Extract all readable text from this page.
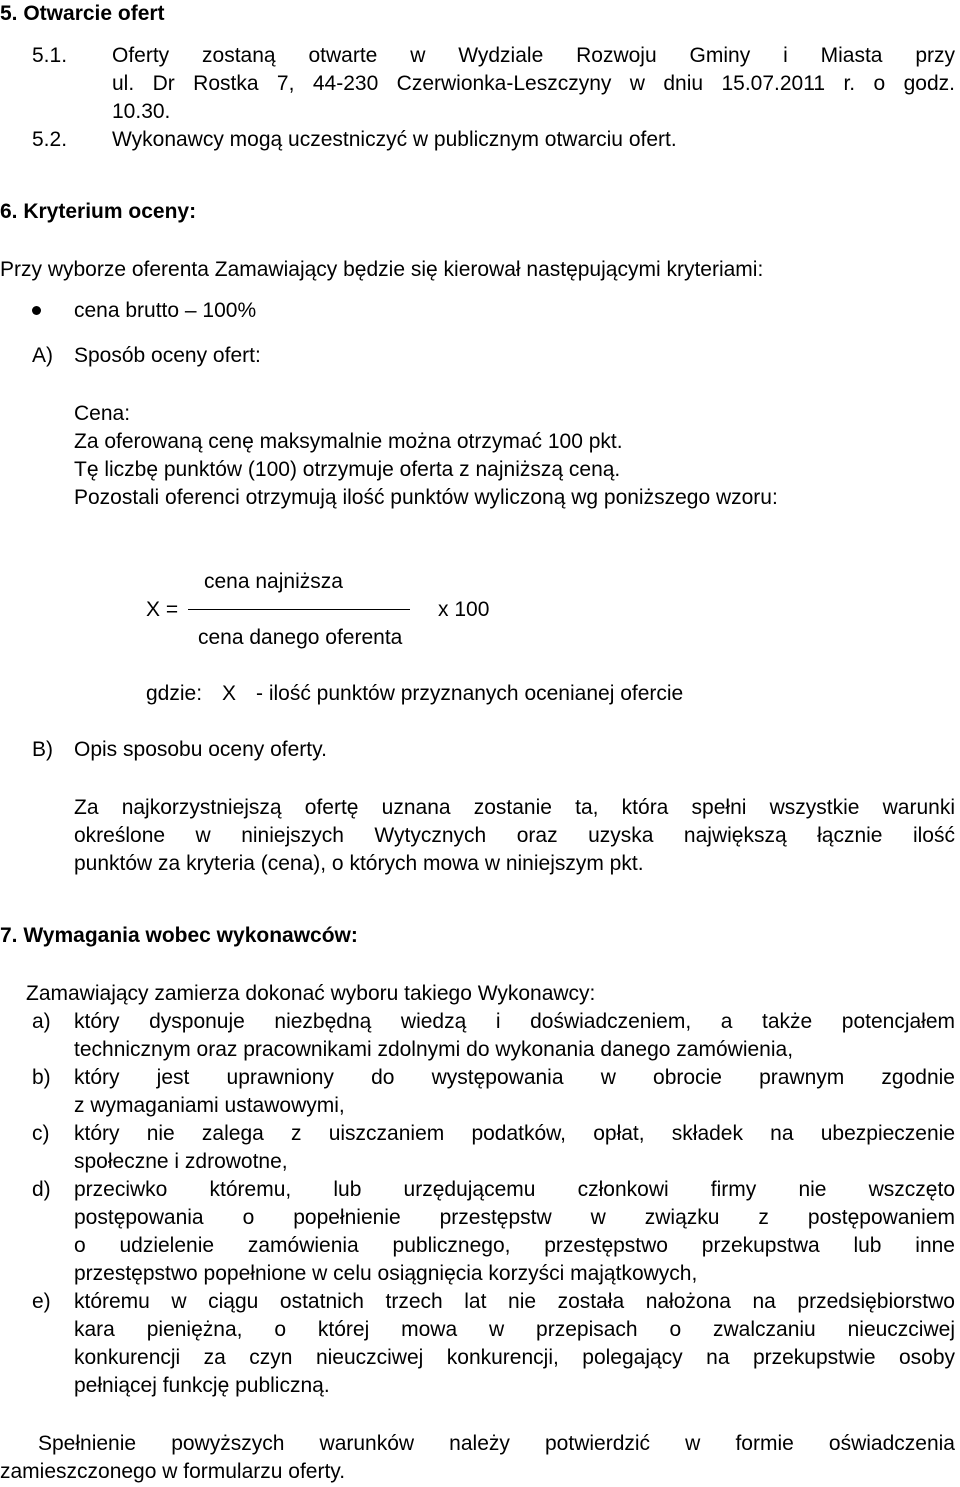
5. Otwarcie ofert
5.1. Oferty zostaną otwarte w Wydziale Rozwoju Gminy i Miasta przy
ul. Dr Rostka 7, 44-230 Czerwionka-Leszczyny w dniu 15.07.2011 r. o godz.
10.30.
5.2. Wykonawcy mogą uczestniczyć w publicznym otwarciu ofert.
6. Kryterium oceny:
Przy wyborze oferenta Zamawiający będzie się kierował następującymi kryteriami:
cena brutto – 100%
A) Sposób oceny ofert:
Cena:
Za oferowaną cenę maksymalnie można otrzymać 100 pkt.
Tę liczbę punktów (100) otrzymuje oferta z najniższą ceną.
Pozostali oferenci otrzymują ilość punktów wyliczoną wg poniższego wzoru:
cena najniższa
X =	x 100
cena danego oferenta
gdzie: X - ilość punktów przyznanych ocenianej ofercie
B) Opis sposobu oceny oferty.
Za najkorzystniejszą ofertę uznana zostanie ta, która spełni wszystkie warunki
określone w niniejszych Wytycznych oraz uzyska największą łącznie ilość
punktów za kryteria (cena), o których mowa w niniejszym pkt.
7. Wymagania wobec wykonawców:
Zamawiający zamierza dokonać wyboru takiego Wykonawcy:
a) który dysponuje niezbędną wiedzą i doświadczeniem, a także potencjałem
technicznym oraz pracownikami zdolnymi do wykonania danego zamówienia,
b) który jest uprawniony do występowania w obrocie prawnym zgodnie
z wymaganiami ustawowymi,
c) który nie zalega z uiszczaniem podatków, opłat, składek na ubezpieczenie
społeczne i zdrowotne,
d) przeciwko któremu, lub urzędującemu członkowi firmy nie wszczęto
postępowania o popełnienie przestępstw w związku z postępowaniem
o udzielenie zamówienia publicznego, przestępstwo przekupstwa lub inne
przestępstwo popełnione w celu osiągnięcia korzyści majątkowych,
e) któremu w ciągu ostatnich trzech lat nie została nałożona na przedsiębiorstwo
kara pieniężna, o której mowa w przepisach o zwalczaniu nieuczciwej
konkurencji za czyn nieuczciwej konkurencji, polegający na przekupstwie osoby
pełniącej funkcję publiczną.
Spełnienie powyższych warunków należy potwierdzić w formie oświadczenia
zamieszczonego w formularzu oferty.
